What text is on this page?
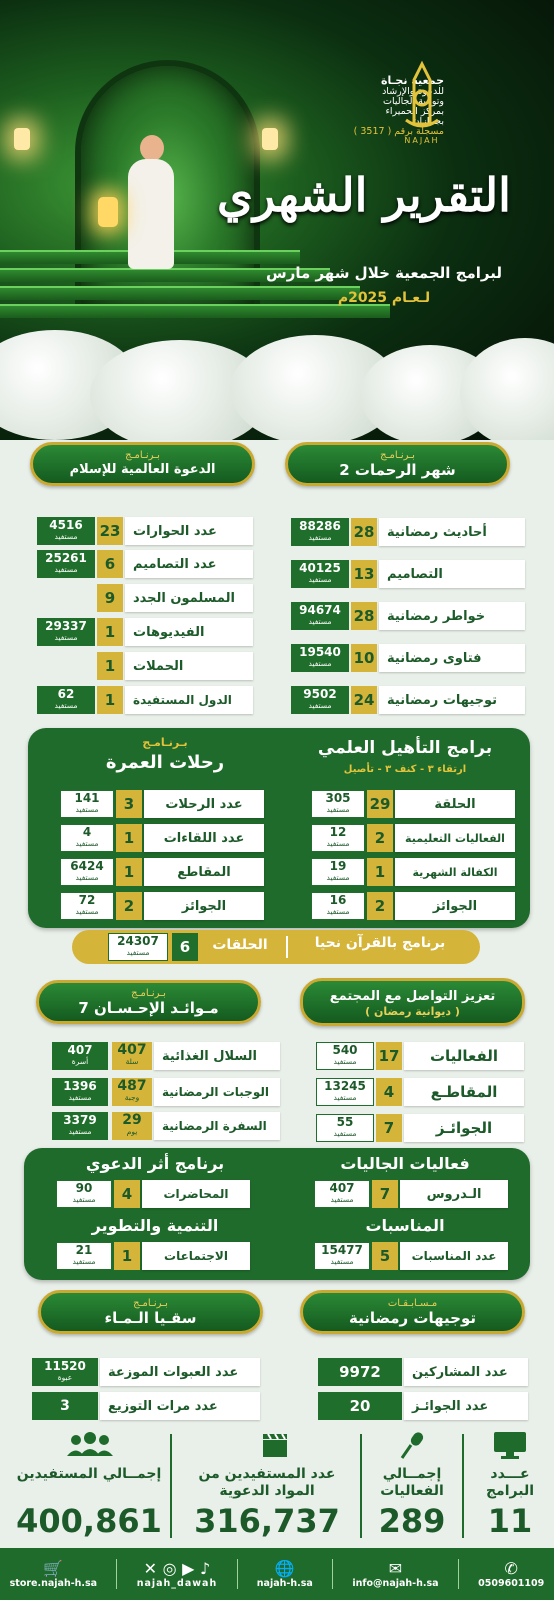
جمعية نجـاة
للدعوة والإرشاد
وتوعية الجاليات
بمركز الحميراء
بجــازان
مسجلة برقم ( 3517 )
NAJAH
التقرير الشهري
لبرامج الجمعية خلال شهر مارس
لـعـام 2025م
بـرنـامـج
شهر الرحمات 2
بـرنـامـج
الدعوة العالمية للإسلام
أحاديث رمضانية
28
88286
مستفيد
التصاميم
13
40125
مستفيد
خواطر رمضانية
28
94674
مستفيد
فتاوى رمضانية
10
19540
مستفيد
توجيهات رمضانية
24
9502
مستفيد
عدد الحوارات
23
4516
مستفيد
عدد التصاميم
6
25261
مستفيد
المسلمون الجدد
9
الفيديوهات
1
29337
مستفيد
الحملات
1
الدول المستفيدة
1
62
مستفيد
برامج التأهيل العلمي
ارتقاء ٣ - كنف ٣ - تأصيل
بـرنـامـج
رحلات العمرة
الحلقة
29
305
مستفيد
الفعاليات التعليمية
2
12
مستفيد
الكفالة الشهرية
1
19
مستفيد
الجوائز
2
16
مستفيد
عدد الرحلات
3
141
مستفيد
عدد اللقاءات
1
4
مستفيد
المقاطع
1
6424
مستفيد
الجوائز
2
72
مستفيد
برنامج بالقرآن نحيا
الحلقات
6
24307
مستفيد
تعزيز التواصل مع المجتمع
( ديوانية رمضان )
بـرنـامـج
مـوائـد الإحـسـان 7
الفعاليات
17
540
مستفيد
المقاطـع
4
13245
مستفيد
الجوائـز
7
55
مستفيد
السلال الغذائية
407
سلة
407
أسرة
الوجبات الرمضانية
487
وجبة
1396
مستفيد
السفرة الرمضانية
29
يوم
3379
مستفيد
فعاليات الجاليات
برنامج أثر الدعوي
الـدروس
7
407
مستفيد
المحاضرات
4
90
مستفيد
المناسبات
التنمية والتطوير
عدد المناسبات
5
15477
مستفيد
الاجتماعات
1
21
مستفيد
مـسـابـقـات
توجيهات رمضانية
بـرنـامـج
سقـيا الـمـاء
عدد المشاركين
9972
عدد الجوائـز
20
عدد العبوات الموزعة
11520
عبوة
عدد مرات التوزيع
3
عـــدد البرامج
11
إجمــالي الفعاليات
289
عدد المستفيدين من المواد الدعوية
316,737
إجمــالي المستفيدين
400,861
🛒
store.najah-h.sa
✕ ◎ ▶ ♪
najah_dawah
🌐
najah-h.sa
✉
info@najah-h.sa
✆
0509601109
